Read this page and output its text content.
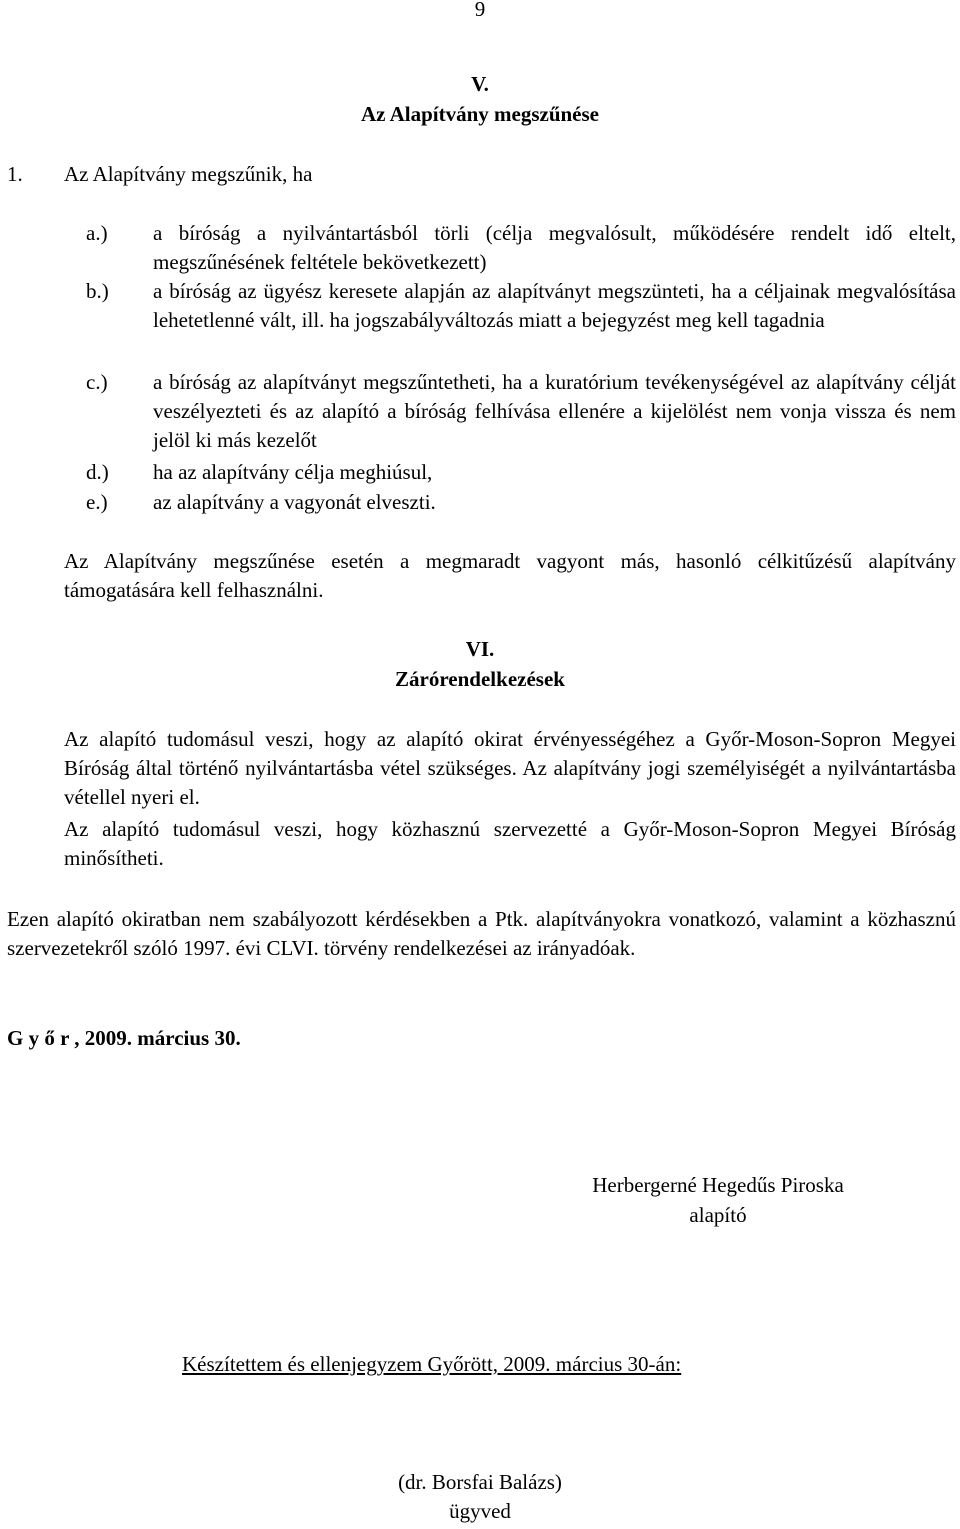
9
V.
Az Alapítvány megszűnése
1. Az Alapítvány megszűnik, ha
a.)	a bíróság a nyilvántartásból törli (célja megvalósult, működésére rendelt idő eltelt, megszűnésének feltétele bekövetkezett)
b.)	a bíróság az ügyész keresete alapján az alapítványt megszünteti, ha a céljainak megvalósítása lehetetlenné vált, ill. ha jogszabályváltozás miatt a bejegyzést meg kell tagadnia
c.)	a bíróság az alapítványt megszűntetheti, ha a kuratórium tevékenységével az alapítvány célját veszélyezteti és az alapító a bíróság felhívása ellenére a kijelölést nem vonja vissza és nem jelöl ki más kezelőt
d.)	ha az alapítvány célja meghiúsul,
e.)	az alapítvány a vagyonát elveszti.
Az Alapítvány megszűnése esetén a megmaradt vagyont más, hasonló célkitűzésű alapítvány támogatására kell felhasználni.
VI.
Zárórendelkezések
Az alapító tudomásul veszi, hogy az alapító okirat érvényességéhez a Győr-Moson-Sopron Megyei Bíróság által történő nyilvántartásba vétel szükséges. Az alapítvány jogi személyiségét a nyilvántartásba vétellel nyeri el.
Az alapító tudomásul veszi, hogy közhasznú szervezetté a Győr-Moson-Sopron Megyei Bíróság minősítheti.
Ezen alapító okiratban nem szabályozott kérdésekben a Ptk. alapítványokra vonatkozó, valamint a közhasznú szervezetekről szóló 1997. évi CLVI. törvény rendelkezései az irányadóak.
G y ő r , 2009. március 30.
Herbergerné Hegedűs Piroska
alapító
Készítettem és ellenjegyzem Győrött, 2009. március 30-án:
(dr. Borsfai Balázs)
ügyved
